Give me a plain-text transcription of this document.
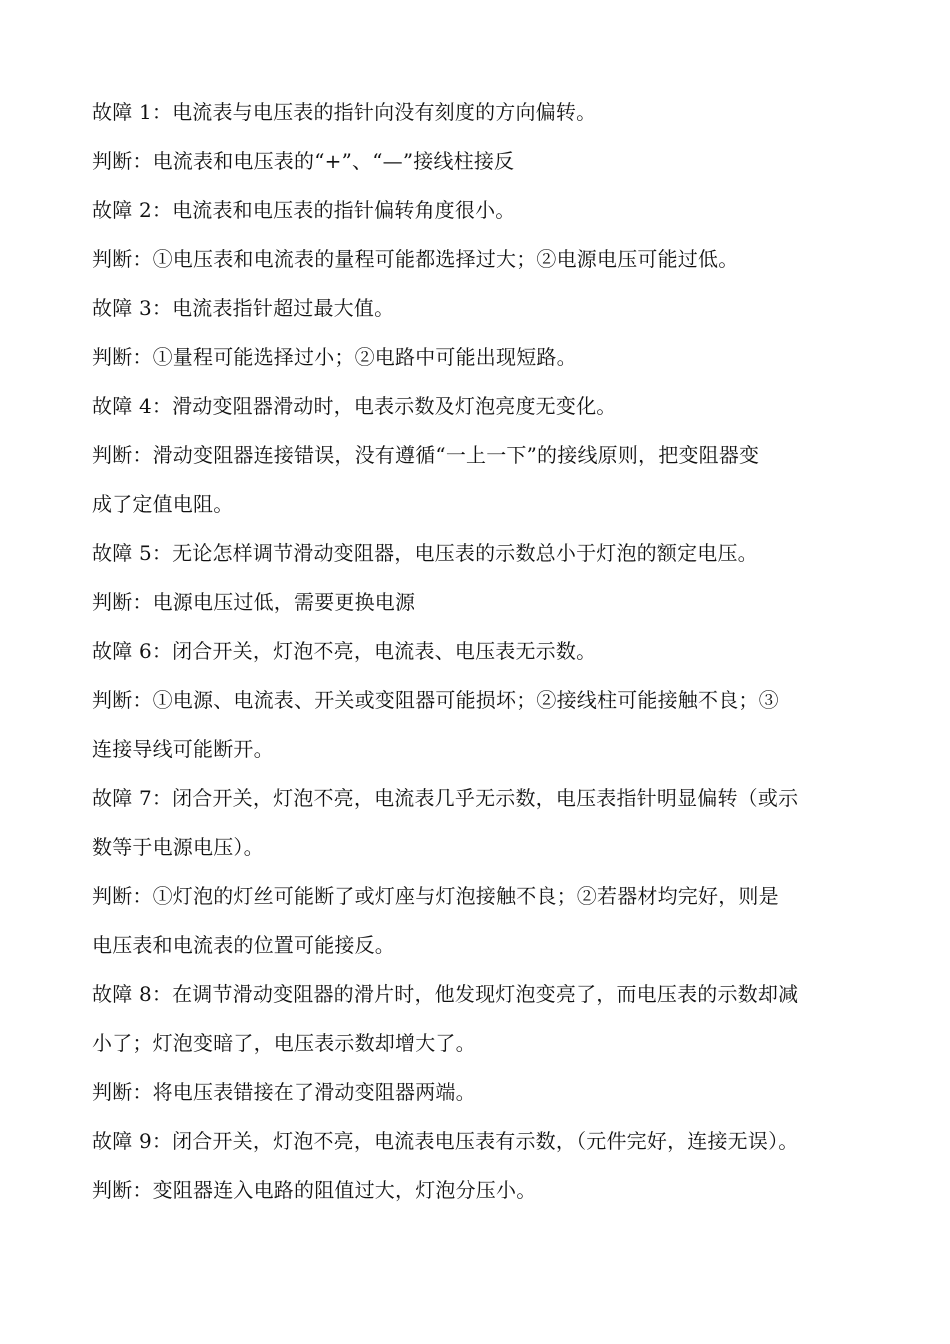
故障 1：电流表与电压表的指针向没有刻度的方向偏转。
判断：电流表和电压表的“+”、“—”接线柱接反
故障 2：电流表和电压表的指针偏转角度很小。
判断：①电压表和电流表的量程可能都选择过大；②电源电压可能过低。
故障 3：电流表指针超过最大值。
判断：①量程可能选择过小；②电路中可能出现短路。
故障 4：滑动变阻器滑动时，电表示数及灯泡亮度无变化。
判断：滑动变阻器连接错误，没有遵循“一上一下”的接线原则，把变阻器变
成了定值电阻。
故障 5：无论怎样调节滑动变阻器，电压表的示数总小于灯泡的额定电压。
判断：电源电压过低，需要更换电源
故障 6：闭合开关，灯泡不亮，电流表、电压表无示数。
判断：①电源、电流表、开关或变阻器可能损坏；②接线柱可能接触不良；③
连接导线可能断开。
故障 7：闭合开关，灯泡不亮，电流表几乎无示数，电压表指针明显偏转（或示
数等于电源电压）。
判断：①灯泡的灯丝可能断了或灯座与灯泡接触不良；②若器材均完好，则是
电压表和电流表的位置可能接反。
故障 8：在调节滑动变阻器的滑片时，他发现灯泡变亮了，而电压表的示数却减
小了；灯泡变暗了，电压表示数却增大了。
判断：将电压表错接在了滑动变阻器两端。
故障 9：闭合开关，灯泡不亮，电流表电压表有示数，（元件完好，连接无误）。
判断：变阻器连入电路的阻值过大，灯泡分压小。
